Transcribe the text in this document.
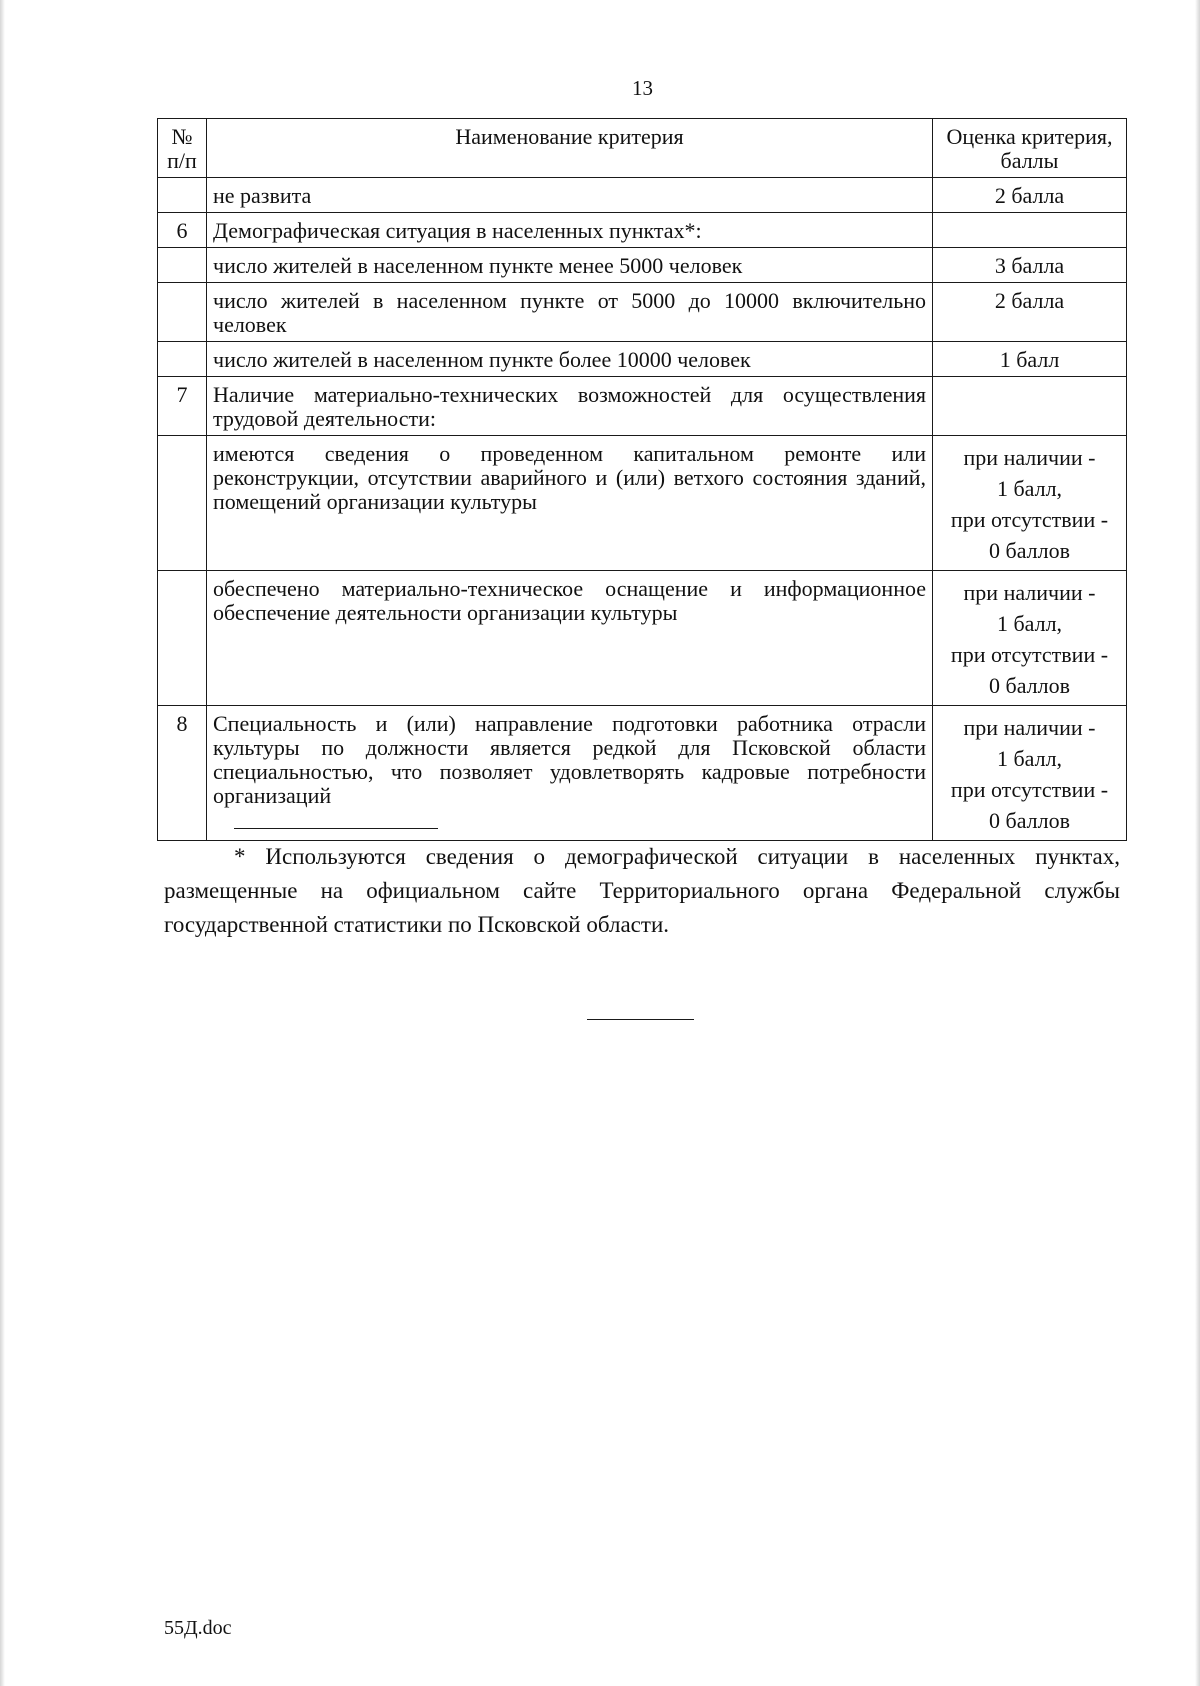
13
№ п/п	Наименование критерия	Оценка критерия, баллы
	не развита	2 балла

6	Демографическая ситуация в населенных пунктах*:	
	число жителей в населенном пункте менее 5000 человек	3 балла

	число жителей в населенном пункте от 5000 до 10000 включительно человек	2 балла

	число жителей в населенном пункте более 10000 человек	1 балл

7	Наличие материально-технических возможностей для осуществления трудовой деятельности:	
	имеются сведения о проведенном капитальном ремонте или реконструкции, отсутствии аварийного и (или) ветхого состояния зданий, помещений организации культуры	при наличии -
1 балл,
при отсутствии -
0 баллов

	обеспечено материально-техническое оснащение и информационное обеспечение деятельности организации культуры	при наличии -
1 балл,
при отсутствии -
0 баллов

8	Специальность и (или) направление подготовки работника отрасли культуры по должности является редкой для Псковской области специальностью, что позволяет удовлетворять кадровые потребности организаций	при наличии -
1 балл,
при отсутствии -
0 баллов

* Используются сведения о демографической ситуации в населенных пунктах, размещенные на официальном сайте Территориального органа Федеральной службы государственной статистики по Псковской области.

55Д.doc
